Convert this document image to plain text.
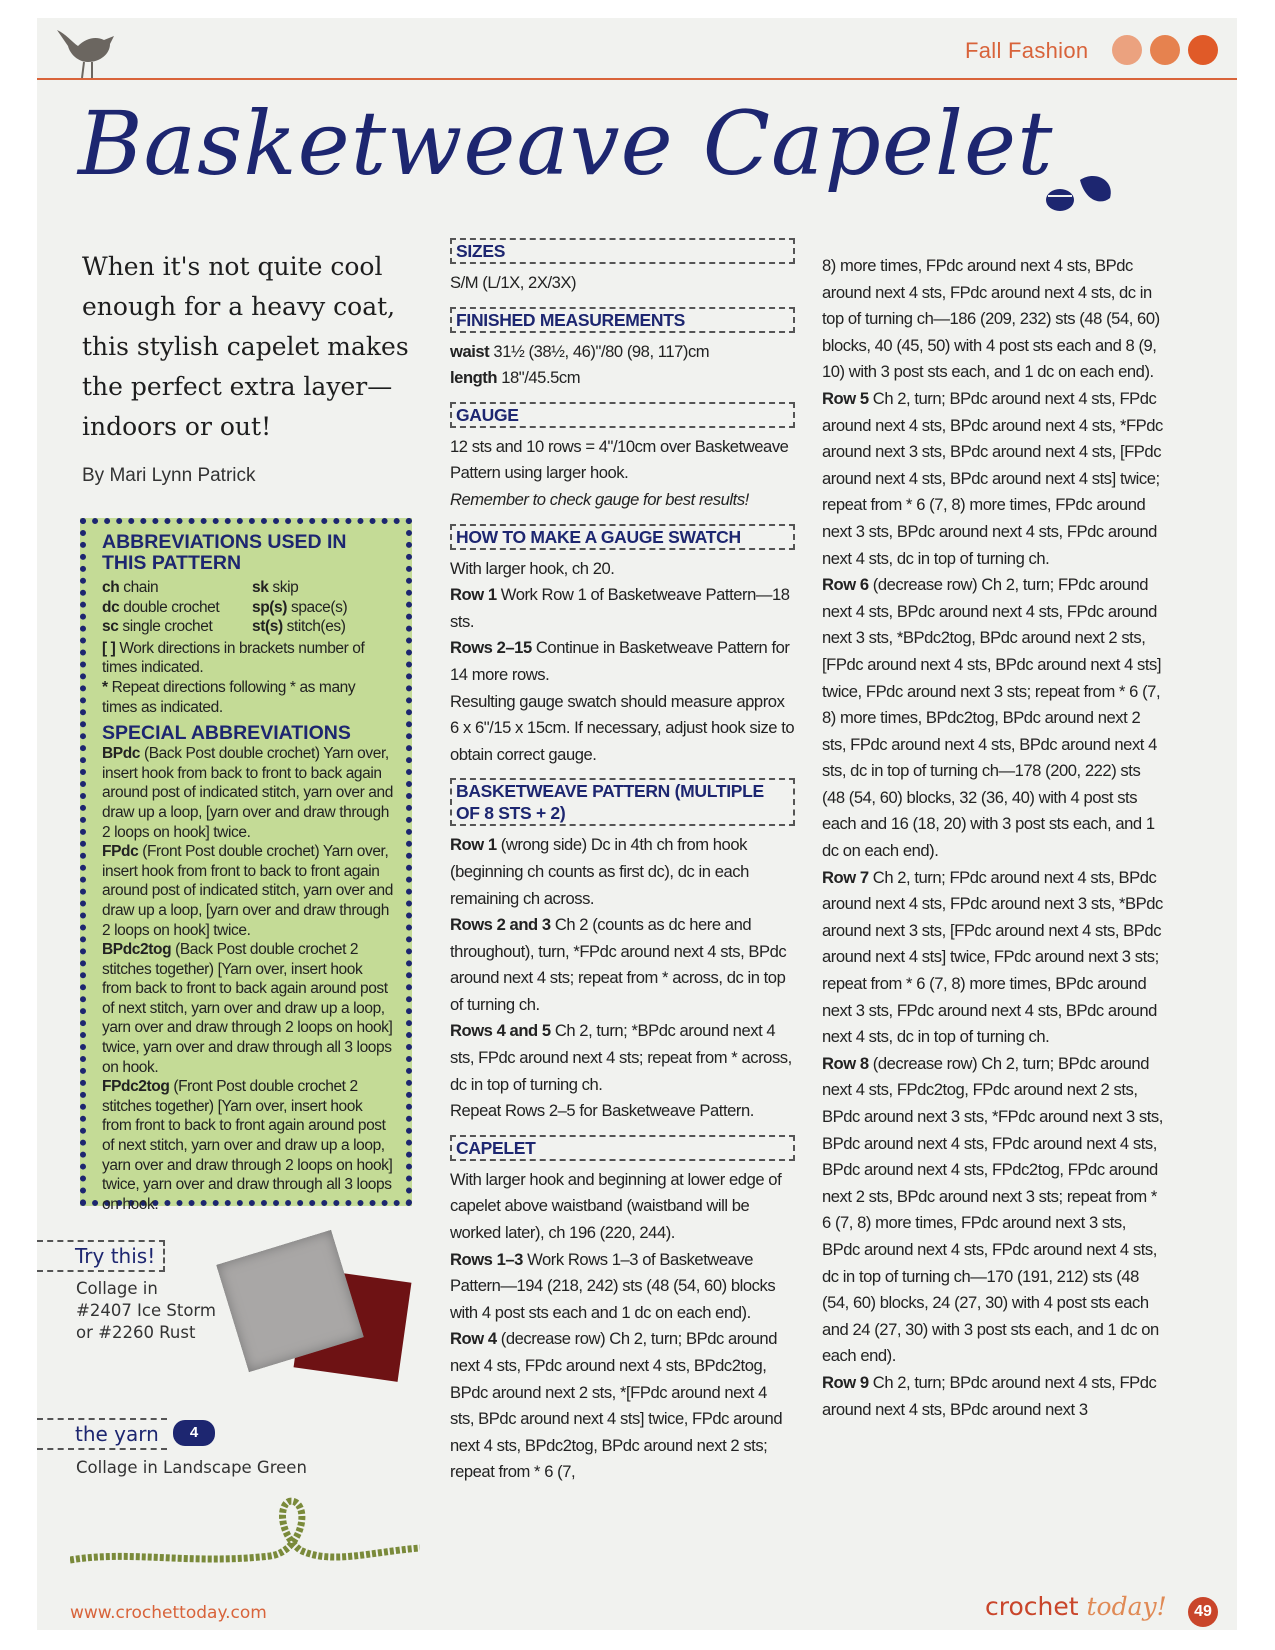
Fall Fashion
Basketweave Capelet
When it's not quite cool enough for a heavy coat, this stylish capelet makes the perfect extra layer—indoors or out!
By Mari Lynn Patrick
ABBREVIATIONS USED IN THIS PATTERN
ch chain	sk skip
dc double crochet	sp(s) space(s)
sc single crochet	st(s) stitch(es)

[ ] Work directions in brackets number of times indicated.

* Repeat directions following * as many times as indicated.

SPECIAL ABBREVIATIONS

BPdc (Back Post double crochet) Yarn over, insert hook from back to front to back again around post of indicated stitch, yarn over and draw up a loop, [yarn over and draw through 2 loops on hook] twice.

FPdc (Front Post double crochet) Yarn over, insert hook from front to back to front again around post of indicated stitch, yarn over and draw up a loop, [yarn over and draw through 2 loops on hook] twice.

BPdc2tog (Back Post double crochet 2 stitches together) [Yarn over, insert hook from back to front to back again around post of next stitch, yarn over and draw up a loop, yarn over and draw through 2 loops on hook] twice, yarn over and draw through all 3 loops on hook.

FPdc2tog (Front Post double crochet 2 stitches together) [Yarn over, insert hook from front to back to front again around post of next stitch, yarn over and draw up a loop, yarn over and draw through 2 loops on hook] twice, yarn over and draw through all 3 loops on hook.

Try this!
Collage in
#2407 Ice Storm
or #2260 Rust
the yarn	4
Collage in Landscape Green
SIZES

S/M (L/1X, 2X/3X)

FINISHED MEASUREMENTS

waist 31½ (38½, 46)"/80 (98, 117)cm

length 18"/45.5cm

GAUGE

12 sts and 10 rows = 4"/10cm over Basketweave Pattern using larger hook.

Remember to check gauge for best results!

HOW TO MAKE A GAUGE SWATCH

With larger hook, ch 20.

Row 1 Work Row 1 of Basketweave Pattern—18 sts.

Rows 2–15 Continue in Basketweave Pattern for 14 more rows.

Resulting gauge swatch should measure approx 6 x 6"/15 x 15cm. If necessary, adjust hook size to obtain correct gauge.

BASKETWEAVE PATTERN (MULTIPLE OF 8 STS + 2)

Row 1 (wrong side) Dc in 4th ch from hook (beginning ch counts as first dc), dc in each remaining ch across.

Rows 2 and 3 Ch 2 (counts as dc here and throughout), turn, *FPdc around next 4 sts, BPdc around next 4 sts; repeat from * across, dc in top of turning ch.

Rows 4 and 5 Ch 2, turn; *BPdc around next 4 sts, FPdc around next 4 sts; repeat from * across, dc in top of turning ch.

Repeat Rows 2–5 for Basketweave Pattern.

CAPELET

With larger hook and beginning at lower edge of capelet above waistband (waistband will be worked later), ch 196 (220, 244).

Rows 1–3 Work Rows 1–3 of Basketweave Pattern—194 (218, 242) sts (48 (54, 60) blocks with 4 post sts each and 1 dc on each end).

Row 4 (decrease row) Ch 2, turn; BPdc around next 4 sts, FPdc around next 4 sts, BPdc2tog, BPdc around next 2 sts, *[FPdc around next 4 sts, BPdc around next 4 sts] twice, FPdc around next 4 sts, BPdc2tog, BPdc around next 2 sts; repeat from * 6 (7,

8) more times, FPdc around next 4 sts, BPdc around next 4 sts, FPdc around next 4 sts, dc in top of turning ch—186 (209, 232) sts (48 (54, 60) blocks, 40 (45, 50) with 4 post sts each and 8 (9, 10) with 3 post sts each, and 1 dc on each end).

Row 5 Ch 2, turn; BPdc around next 4 sts, FPdc around next 4 sts, BPdc around next 4 sts, *FPdc around next 3 sts, BPdc around next 4 sts, [FPdc around next 4 sts, BPdc around next 4 sts] twice; repeat from * 6 (7, 8) more times, FPdc around next 3 sts, BPdc around next 4 sts, FPdc around next 4 sts, dc in top of turning ch.

Row 6 (decrease row) Ch 2, turn; FPdc around next 4 sts, BPdc around next 4 sts, FPdc around next 3 sts, *BPdc2tog, BPdc around next 2 sts, [FPdc around next 4 sts, BPdc around next 4 sts] twice, FPdc around next 3 sts; repeat from * 6 (7, 8) more times, BPdc2tog, BPdc around next 2 sts, FPdc around next 4 sts, BPdc around next 4 sts, dc in top of turning ch—178 (200, 222) sts (48 (54, 60) blocks, 32 (36, 40) with 4 post sts each and 16 (18, 20) with 3 post sts each, and 1 dc on each end).

Row 7 Ch 2, turn; FPdc around next 4 sts, BPdc around next 4 sts, FPdc around next 3 sts, *BPdc around next 3 sts, [FPdc around next 4 sts, BPdc around next 4 sts] twice, FPdc around next 3 sts; repeat from * 6 (7, 8) more times, BPdc around next 3 sts, FPdc around next 4 sts, BPdc around next 4 sts, dc in top of turning ch.

Row 8 (decrease row) Ch 2, turn; BPdc around next 4 sts, FPdc2tog, FPdc around next 2 sts, BPdc around next 3 sts, *FPdc around next 3 sts, BPdc around next 4 sts, FPdc around next 4 sts, BPdc around next 4 sts, FPdc2tog, FPdc around next 2 sts, BPdc around next 3 sts; repeat from * 6 (7, 8) more times, FPdc around next 3 sts, BPdc around next 4 sts, FPdc around next 4 sts, dc in top of turning ch—170 (191, 212) sts (48 (54, 60) blocks, 24 (27, 30) with 4 post sts each and 24 (27, 30) with 3 post sts each, and 1 dc on each end).

Row 9 Ch 2, turn; BPdc around next 4 sts, FPdc around next 4 sts, BPdc around next 3

www.crochettoday.com	crochet today!	49
